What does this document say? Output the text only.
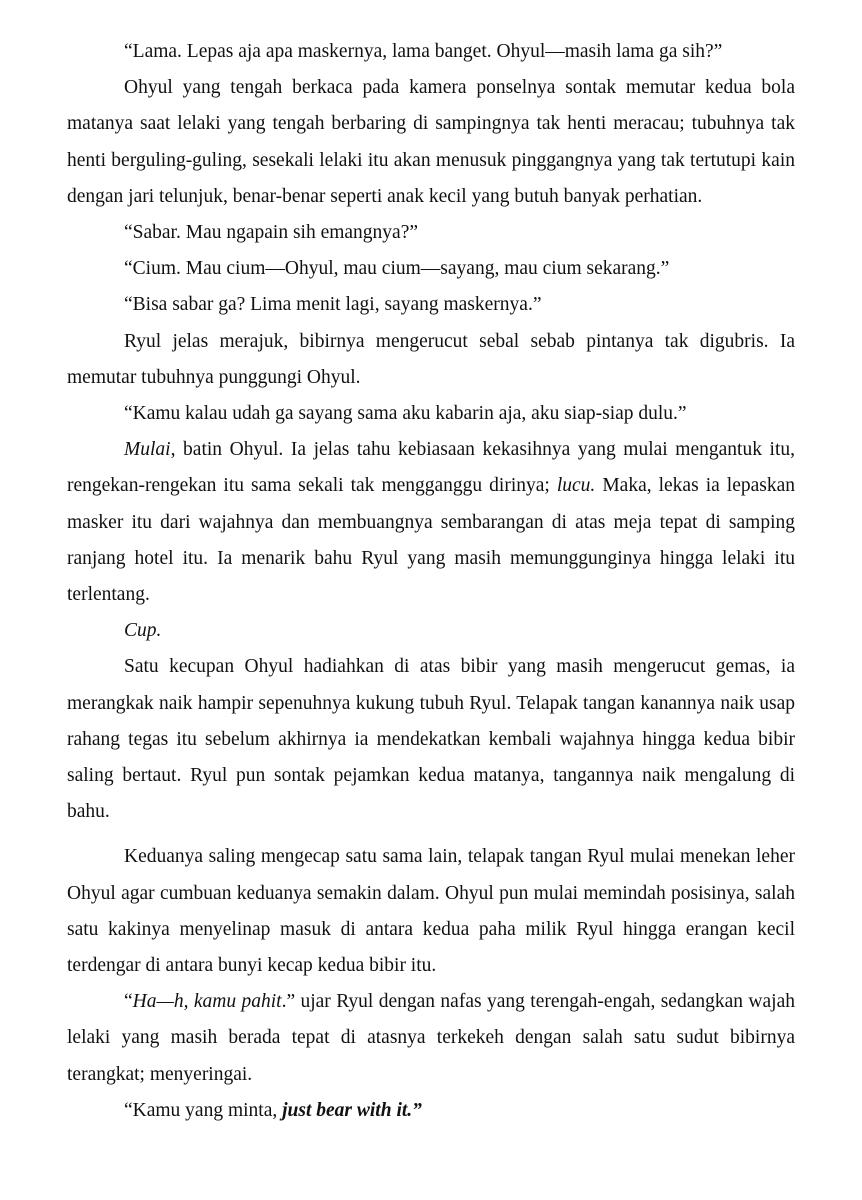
“Lama. Lepas aja apa maskernya, lama banget. Ohyul—masih lama ga sih?”

Ohyul yang tengah berkaca pada kamera ponselnya sontak memutar kedua bola matanya saat lelaki yang tengah berbaring di sampingnya tak henti meracau; tubuhnya tak henti berguling-guling, sesekali lelaki itu akan menusuk pinggangnya yang tak tertutupi kain dengan jari telunjuk, benar-benar seperti anak kecil yang butuh banyak perhatian.

“Sabar. Mau ngapain sih emangnya?”

“Cium. Mau cium—Ohyul, mau cium—sayang, mau cium sekarang.”

“Bisa sabar ga? Lima menit lagi, sayang maskernya.”

Ryul jelas merajuk, bibirnya mengerucut sebal sebab pintanya tak digubris. Ia memutar tubuhnya punggungi Ohyul.

“Kamu kalau udah ga sayang sama aku kabarin aja, aku siap-siap dulu.”

Mulai, batin Ohyul. Ia jelas tahu kebiasaan kekasihnya yang mulai mengantuk itu, rengekan-rengekan itu sama sekali tak mengganggu dirinya; lucu. Maka, lekas ia lepaskan masker itu dari wajahnya dan membuangnya sembarangan di atas meja tepat di samping ranjang hotel itu. Ia menarik bahu Ryul yang masih memunggunginya hingga lelaki itu terlentang.

Cup.

Satu kecupan Ohyul hadiahkan di atas bibir yang masih mengerucut gemas, ia merangkak naik hampir sepenuhnya kukung tubuh Ryul. Telapak tangan kanannya naik usap rahang tegas itu sebelum akhirnya ia mendekatkan kembali wajahnya hingga kedua bibir saling bertaut. Ryul pun sontak pejamkan kedua matanya, tangannya naik mengalung di bahu.

Keduanya saling mengecap satu sama lain, telapak tangan Ryul mulai menekan leher Ohyul agar cumbuan keduanya semakin dalam. Ohyul pun mulai memindah posisinya, salah satu kakinya menyelinap masuk di antara kedua paha milik Ryul hingga erangan kecil terdengar di antara bunyi kecap kedua bibir itu.

“Ha—h, kamu pahit.” ujar Ryul dengan nafas yang terengah-engah, sedangkan wajah lelaki yang masih berada tepat di atasnya terkekeh dengan salah satu sudut bibirnya terangkat; menyeringai.

“Kamu yang minta, just bear with it.”
